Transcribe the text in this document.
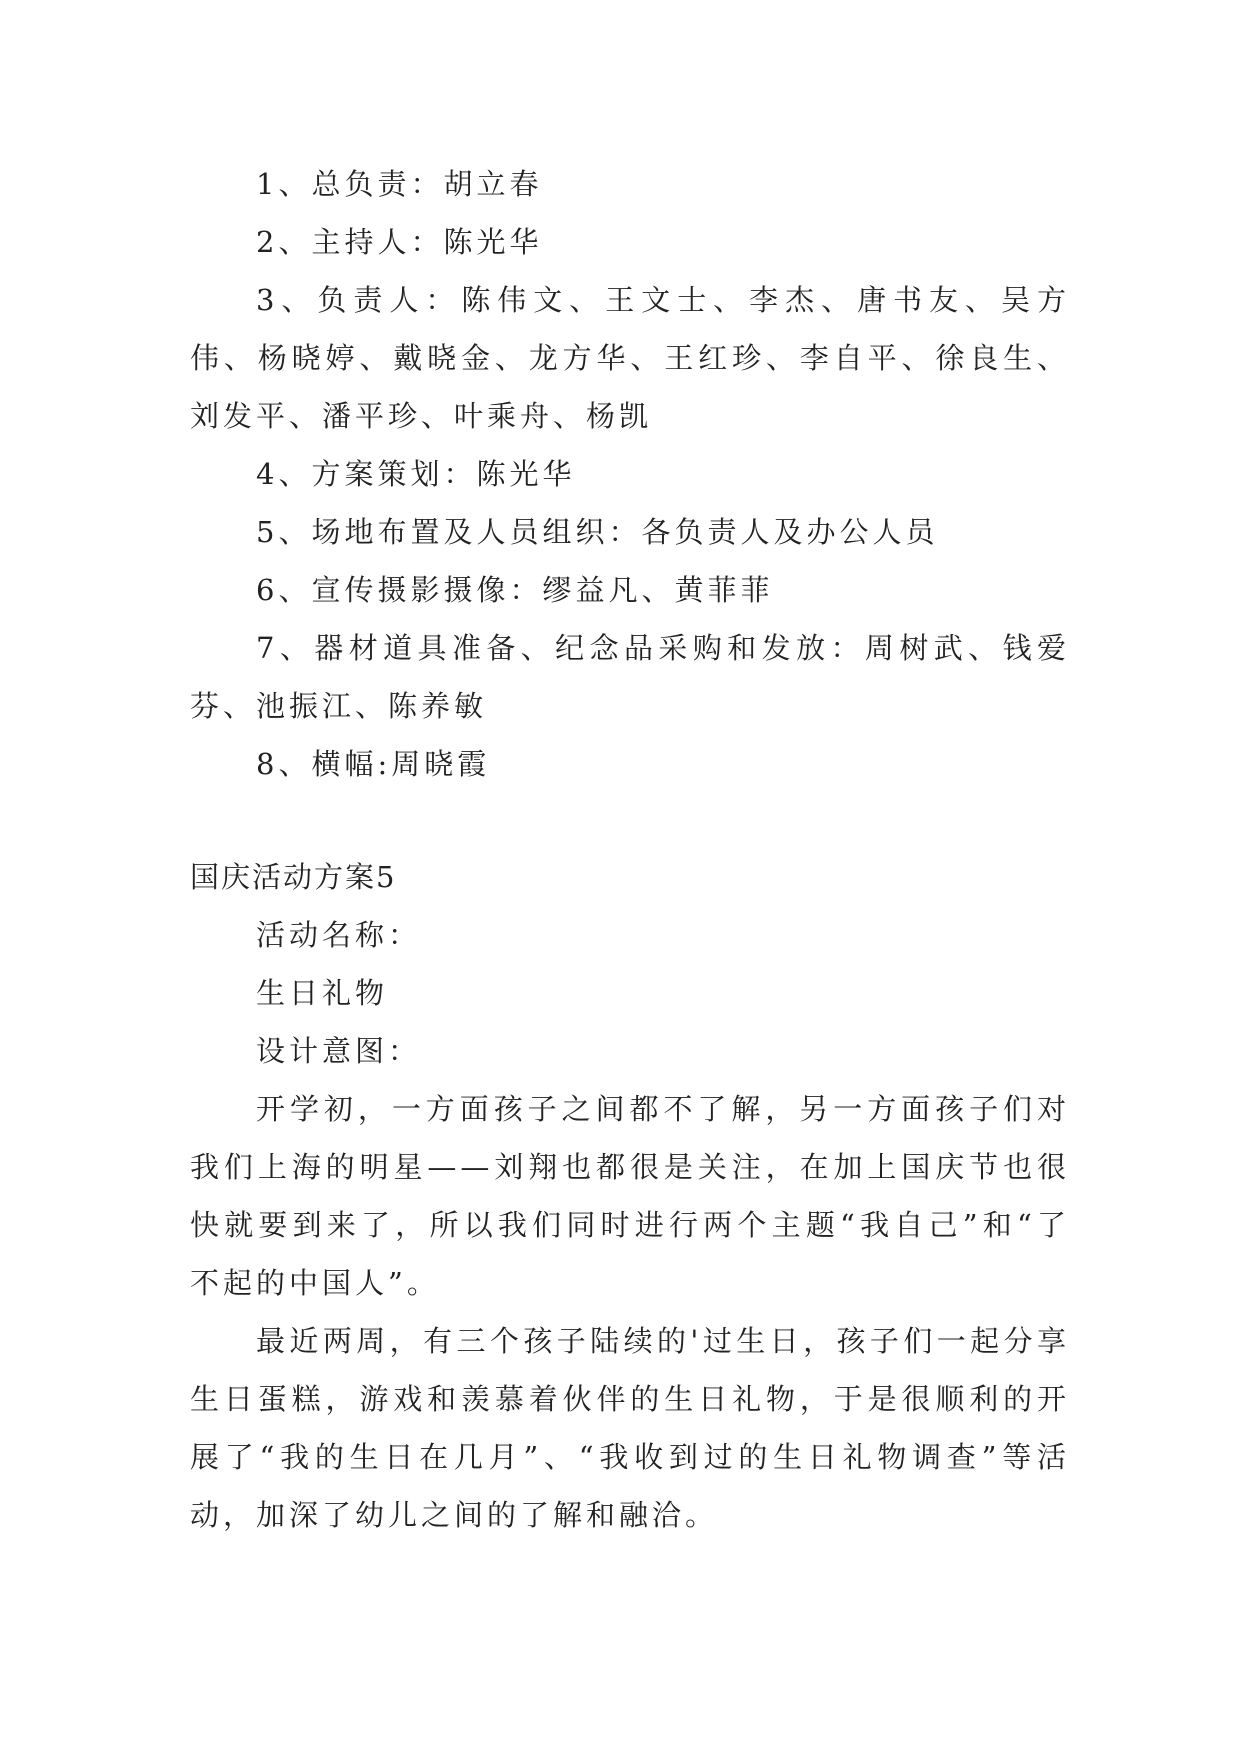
1、总负责：胡立春

2、主持人：陈光华

3、负责人：陈伟文、王文士、李杰、唐书友、吴方伟、杨晓婷、戴晓金、龙方华、王红珍、李自平、徐良生、刘发平、潘平珍、叶乘舟、杨凯

4、方案策划：陈光华

5、场地布置及人员组织：各负责人及办公人员

6、宣传摄影摄像：缪益凡、黄菲菲

7、器材道具准备、纪念品采购和发放：周树武、钱爱芬、池振江、陈养敏

8、横幅:周晓霞

国庆活动方案5

活动名称：

生日礼物

设计意图：

开学初，一方面孩子之间都不了解，另一方面孩子们对我们上海的明星——刘翔也都很是关注，在加上国庆节也很快就要到来了，所以我们同时进行两个主题“我自己”和“了不起的中国人”。

最近两周，有三个孩子陆续的'过生日，孩子们一起分享生日蛋糕，游戏和羡慕着伙伴的生日礼物，于是很顺利的开展了“我的生日在几月”、“我收到过的生日礼物调查”等活动，加深了幼儿之间的了解和融洽。
